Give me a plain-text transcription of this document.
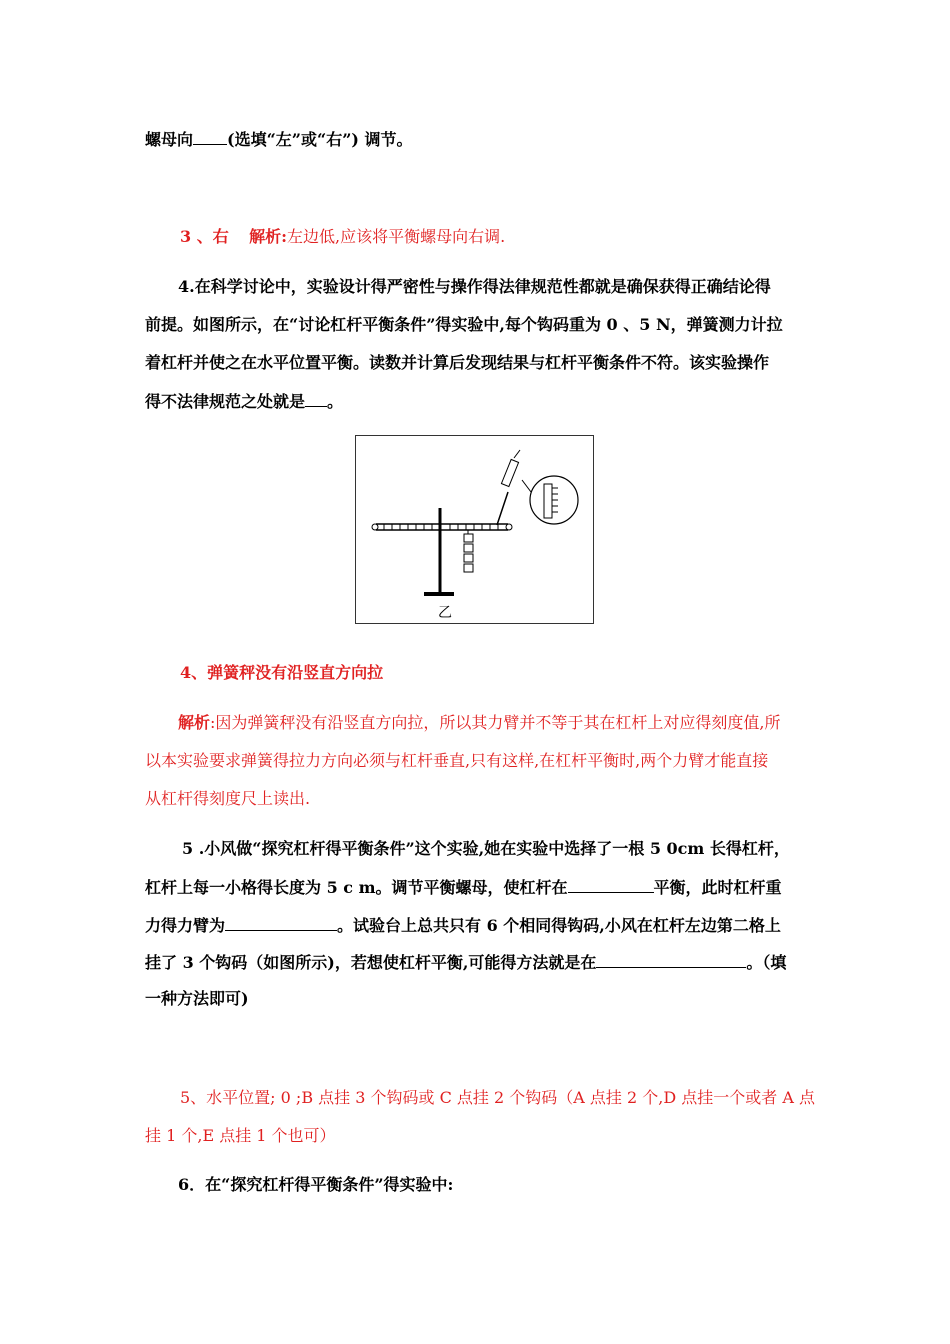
螺母向 (选填“左”或“右”) 调节。
3 、右 解析:左边低,应该将平衡螺母向右调.
4.在科学讨论中，实验设计得严密性与操作得法律规范性都就是确保获得正确结论得
前提。如图所示，在“讨论杠杆平衡条件”得实验中,每个钩码重为 0 、5 N，弹簧测力计拉
着杠杆并使之在水平位置平衡。读数并计算后发现结果与杠杆平衡条件不符。该实验操作
得不法律规范之处就是 。
乙
4、弹簧秤没有沿竖直方向拉
解析:因为弹簧秤没有沿竖直方向拉，所以其力臂并不等于其在杠杆上对应得刻度值,所
以本实验要求弹簧得拉力方向必须与杠杆垂直,只有这样,在杠杆平衡时,两个力臂才能直接
从杠杆得刻度尺上读出.
5 .小风做“探究杠杆得平衡条件”这个实验,她在实验中选择了一根 5 0cm 长得杠杆，
杠杆上每一小格得长度为 5 c m。调节平衡螺母，使杠杆在	平衡，此时杠杆重
力得力臂为	。试验台上总共只有 6 个相同得钩码,小风在杠杆左边第二格上
挂了 3 个钩码（如图所示)，若想使杠杆平衡,可能得方法就是在	。（填
一种方法即可)
5、水平位置; 0 ;B 点挂 3 个钩码或 C 点挂 2 个钩码（A 点挂 2 个,D 点挂一个或者 A 点
挂 1 个,E 点挂 1 个也可）
6．在“探究杠杆得平衡条件”得实验中:
